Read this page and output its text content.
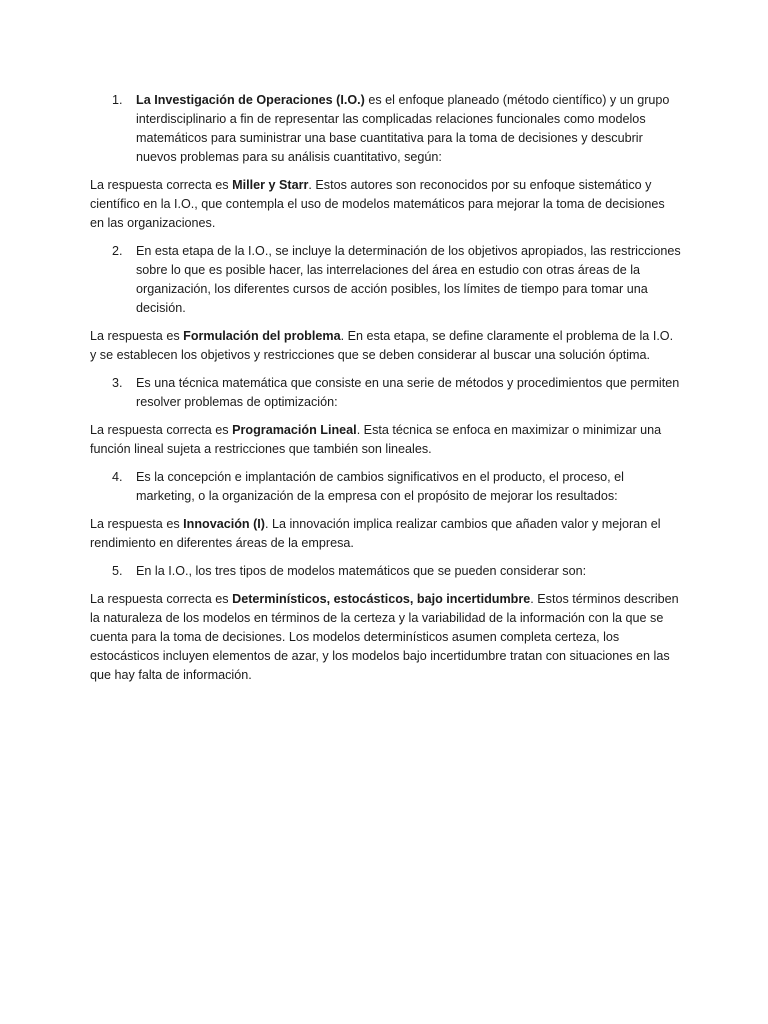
1. La Investigación de Operaciones (I.O.) es el enfoque planeado (método científico) y un grupo interdisciplinario a fin de representar las complicadas relaciones funcionales como modelos matemáticos para suministrar una base cuantitativa para la toma de decisiones y descubrir nuevos problemas para su análisis cuantitativo, según:
La respuesta correcta es Miller y Starr. Estos autores son reconocidos por su enfoque sistemático y científico en la I.O., que contempla el uso de modelos matemáticos para mejorar la toma de decisiones en las organizaciones.
2. En esta etapa de la I.O., se incluye la determinación de los objetivos apropiados, las restricciones sobre lo que es posible hacer, las interrelaciones del área en estudio con otras áreas de la organización, los diferentes cursos de acción posibles, los límites de tiempo para tomar una decisión.
La respuesta es Formulación del problema. En esta etapa, se define claramente el problema de la I.O. y se establecen los objetivos y restricciones que se deben considerar al buscar una solución óptima.
3. Es una técnica matemática que consiste en una serie de métodos y procedimientos que permiten resolver problemas de optimización:
La respuesta correcta es Programación Lineal. Esta técnica se enfoca en maximizar o minimizar una función lineal sujeta a restricciones que también son lineales.
4. Es la concepción e implantación de cambios significativos en el producto, el proceso, el marketing, o la organización de la empresa con el propósito de mejorar los resultados:
La respuesta es Innovación (I). La innovación implica realizar cambios que añaden valor y mejoran el rendimiento en diferentes áreas de la empresa.
5. En la I.O., los tres tipos de modelos matemáticos que se pueden considerar son:
La respuesta correcta es Determinísticos, estocásticos, bajo incertidumbre. Estos términos describen la naturaleza de los modelos en términos de la certeza y la variabilidad de la información con la que se cuenta para la toma de decisiones. Los modelos determinísticos asumen completa certeza, los estocásticos incluyen elementos de azar, y los modelos bajo incertidumbre tratan con situaciones en las que hay falta de información.
